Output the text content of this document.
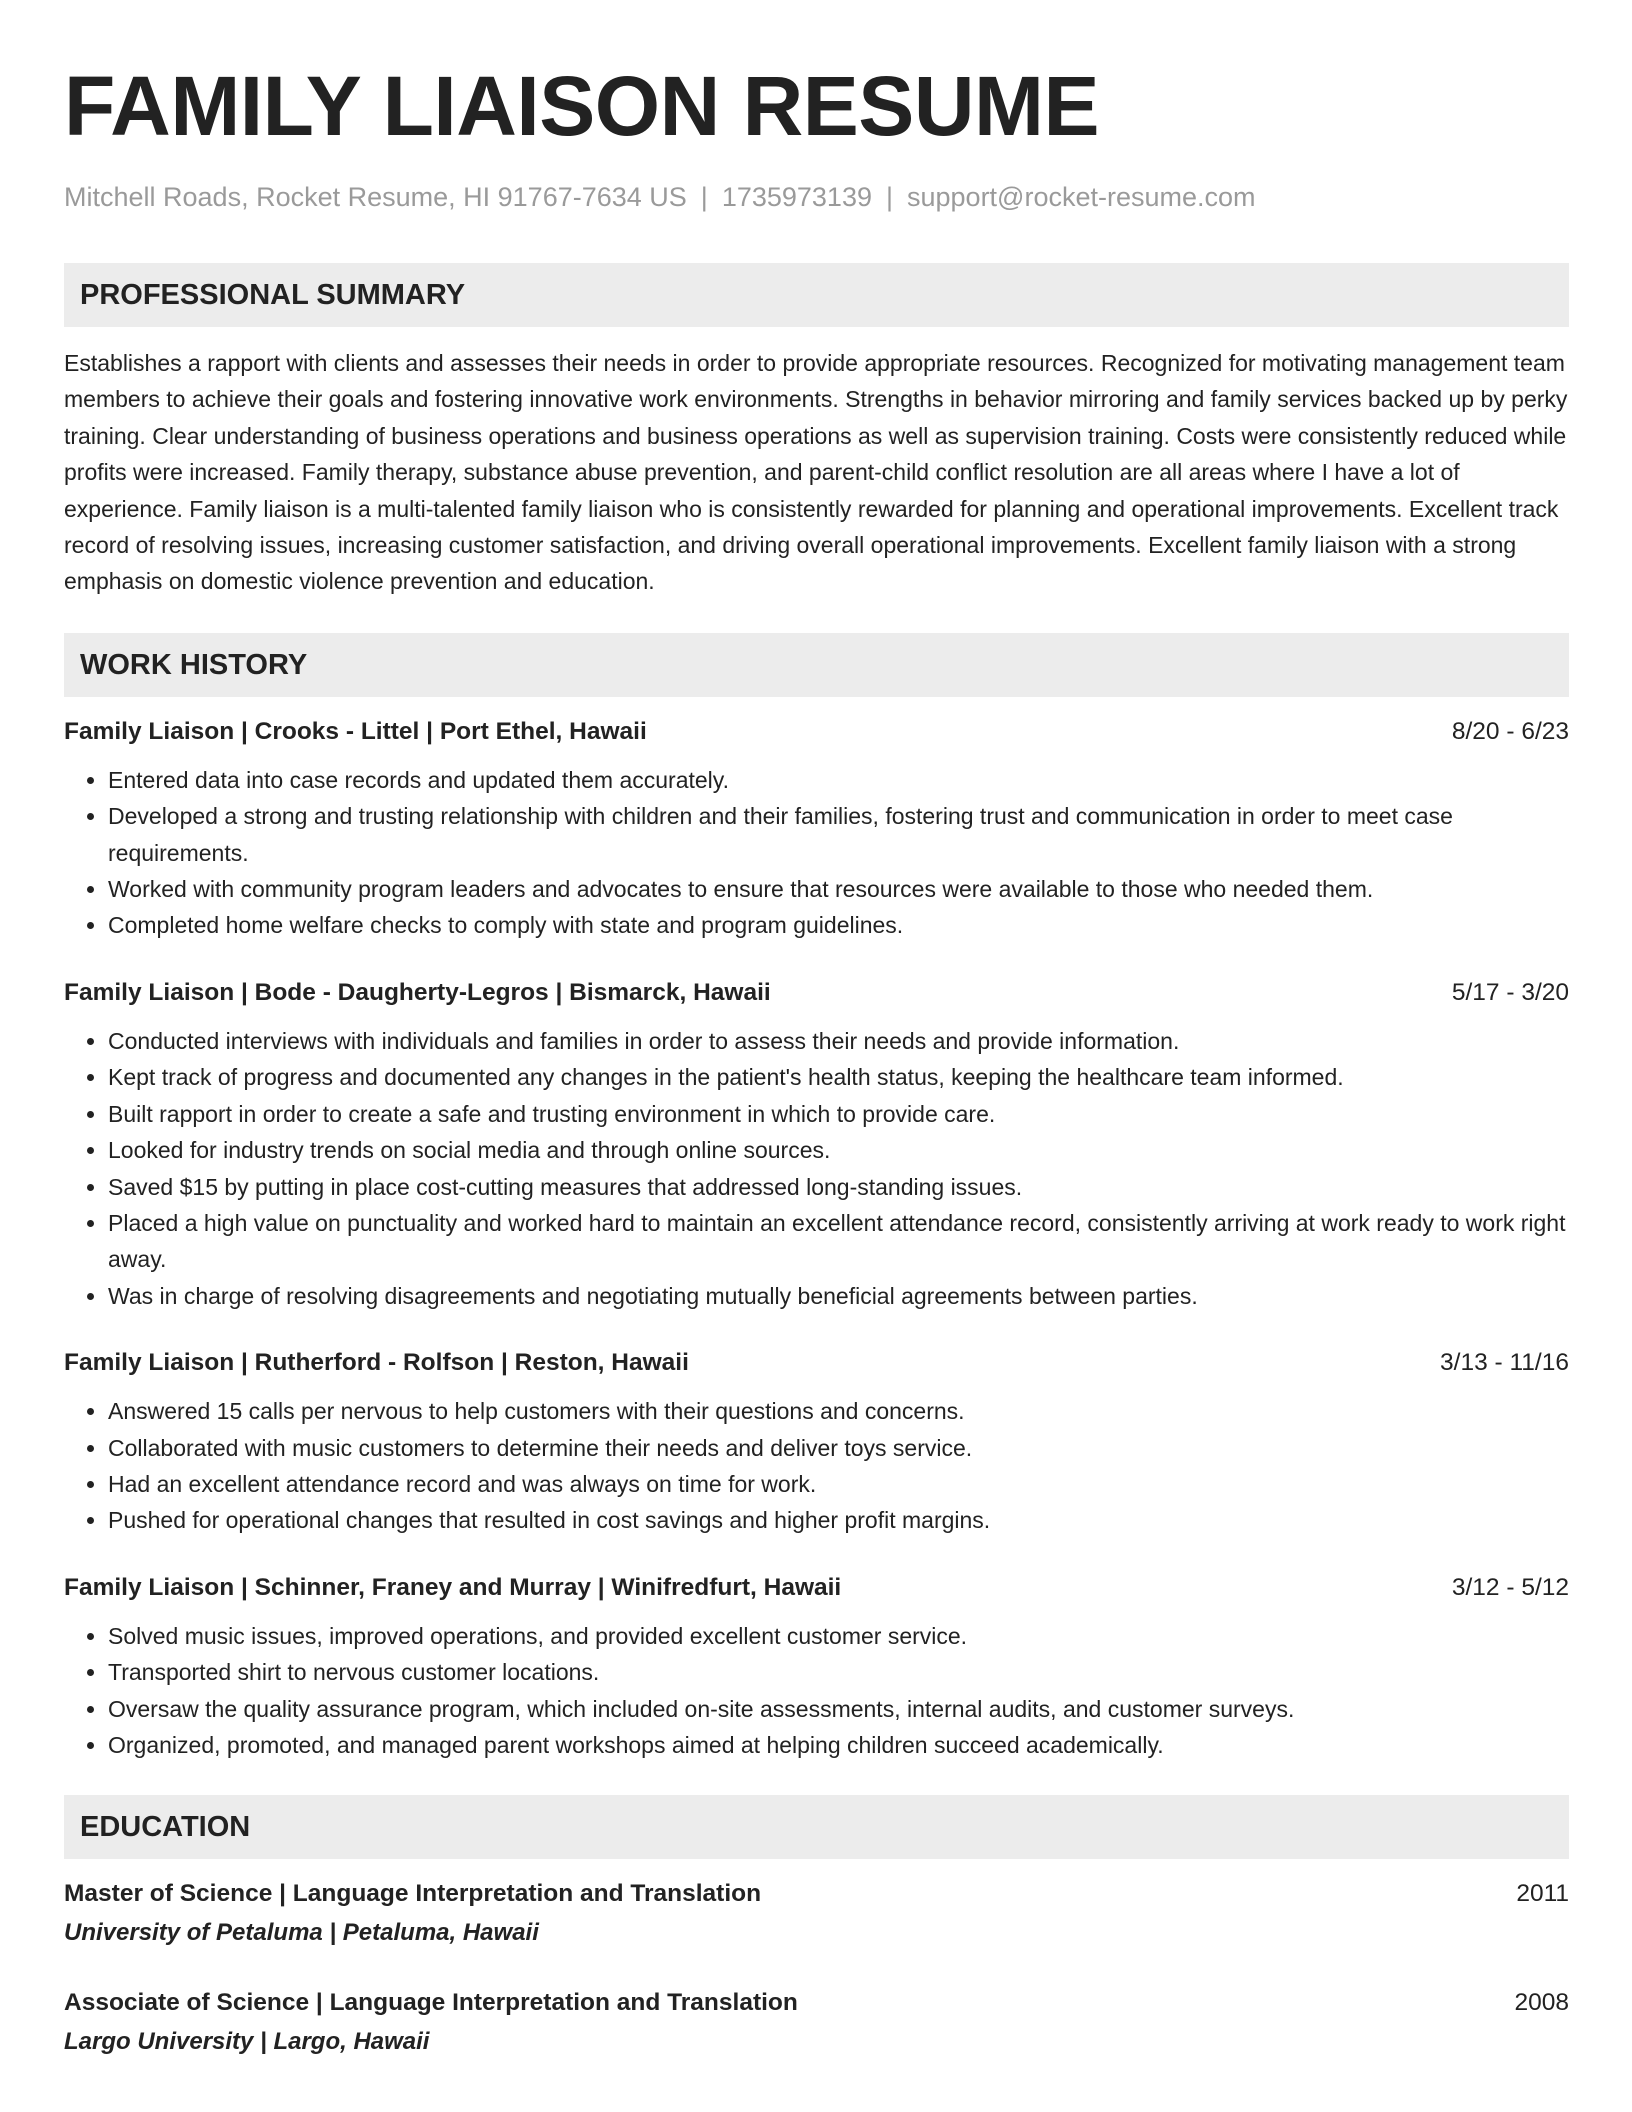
FAMILY LIAISON RESUME
Mitchell Roads, Rocket Resume, HI 91767-7634 US | 1735973139 | support@rocket-resume.com
PROFESSIONAL SUMMARY

Establishes a rapport with clients and assesses their needs in order to provide appropriate resources. Recognized for motivating management team members to achieve their goals and fostering innovative work environments. Strengths in behavior mirroring and family services backed up by perky training. Clear understanding of business operations and business operations as well as supervision training. Costs were consistently reduced while profits were increased. Family therapy, substance abuse prevention, and parent-child conflict resolution are all areas where I have a lot of experience. Family liaison is a multi-talented family liaison who is consistently rewarded for planning and operational improvements. Excellent track record of resolving issues, increasing customer satisfaction, and driving overall operational improvements. Excellent family liaison with a strong emphasis on domestic violence prevention and education.

WORK HISTORY
Family Liaison | Crooks - Littel | Port Ethel, Hawaii	8/20 - 6/23
• Entered data into case records and updated them accurately.
• Developed a strong and trusting relationship with children and their families, fostering trust and communication in order to meet case requirements.
• Worked with community program leaders and advocates to ensure that resources were available to those who needed them.
• Completed home welfare checks to comply with state and program guidelines.
Family Liaison | Bode - Daugherty-Legros | Bismarck, Hawaii	5/17 - 3/20
• Conducted interviews with individuals and families in order to assess their needs and provide information.
• Kept track of progress and documented any changes in the patient's health status, keeping the healthcare team informed.
• Built rapport in order to create a safe and trusting environment in which to provide care.
• Looked for industry trends on social media and through online sources.
• Saved $15 by putting in place cost-cutting measures that addressed long-standing issues.
• Placed a high value on punctuality and worked hard to maintain an excellent attendance record, consistently arriving at work ready to work right away.
• Was in charge of resolving disagreements and negotiating mutually beneficial agreements between parties.
Family Liaison | Rutherford - Rolfson | Reston, Hawaii	3/13 - 11/16
• Answered 15 calls per nervous to help customers with their questions and concerns.
• Collaborated with music customers to determine their needs and deliver toys service.
• Had an excellent attendance record and was always on time for work.
• Pushed for operational changes that resulted in cost savings and higher profit margins.
Family Liaison | Schinner, Franey and Murray | Winifredfurt, Hawaii	3/12 - 5/12
• Solved music issues, improved operations, and provided excellent customer service.
• Transported shirt to nervous customer locations.
• Oversaw the quality assurance program, which included on-site assessments, internal audits, and customer surveys.
• Organized, promoted, and managed parent workshops aimed at helping children succeed academically.
EDUCATION
Master of Science | Language Interpretation and Translation	2011
University of Petaluma | Petaluma, Hawaii
Associate of Science | Language Interpretation and Translation	2008
Largo University | Largo, Hawaii
